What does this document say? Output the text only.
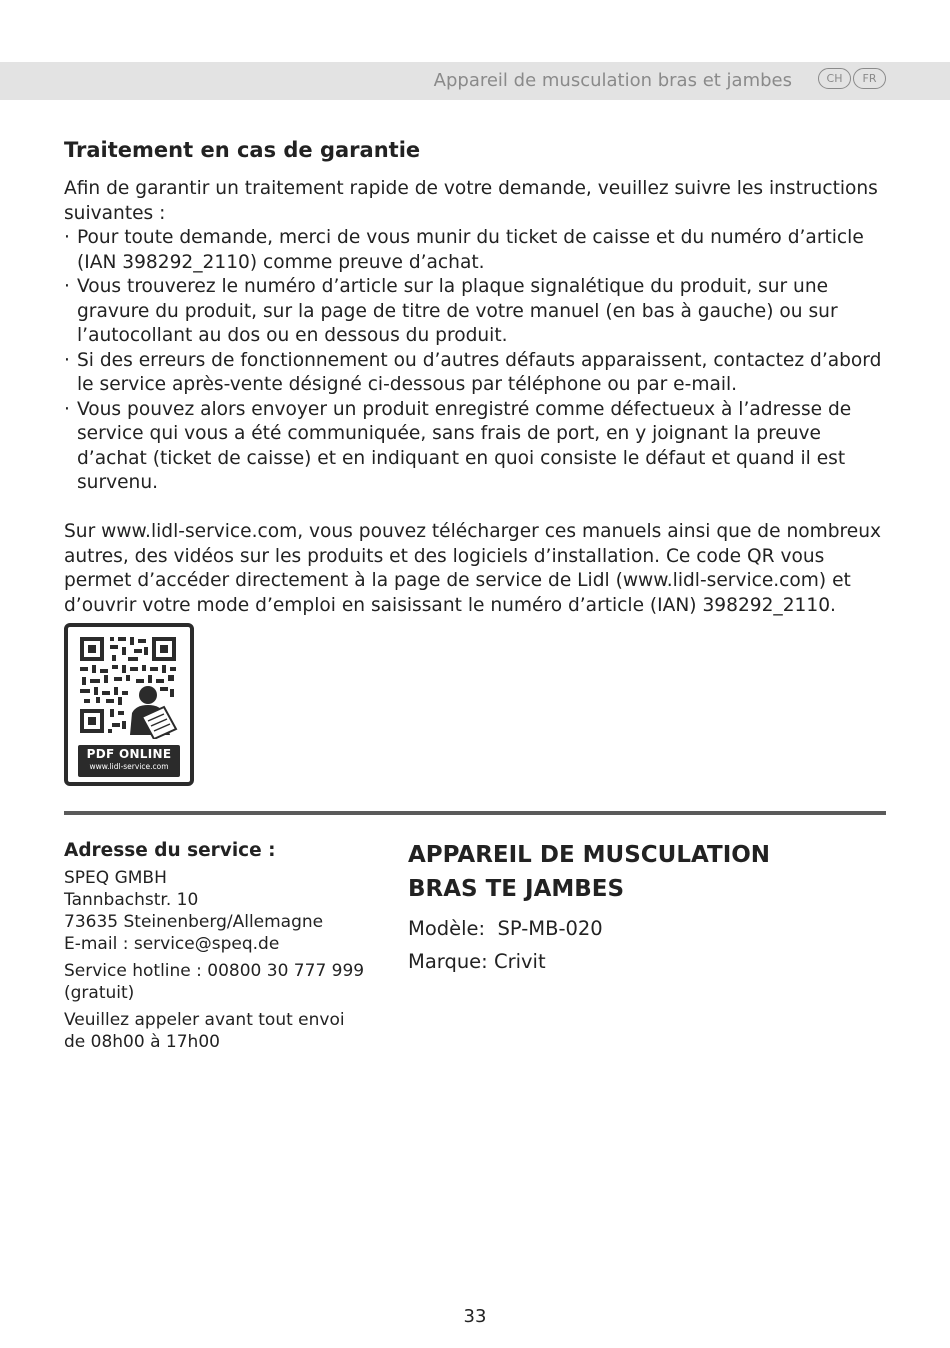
Appareil de musculation bras et jambes	CH	FR
Traitement en cas de garantie
Afin de garantir un traitement rapide de votre demande, veuillez suivre les instructions suivantes :
· Pour toute demande, merci de vous munir du ticket de caisse et du numéro d’article (IAN 398292_2110) comme preuve d’achat.
· Vous trouverez le numéro d’article sur la plaque signalétique du produit, sur une gravure du produit, sur la page de titre de votre manuel (en bas à gauche) ou sur l’autocollant au dos ou en dessous du produit.
· Si des erreurs de fonctionnement ou d’autres défauts apparaissent, contactez d’abord le service après-vente désigné ci-dessous par téléphone ou par e-mail.
· Vous pouvez alors envoyer un produit enregistré comme défectueux à l’adresse de service qui vous a été communiquée, sans frais de port, en y joignant la preuve d’achat (ticket de caisse) et en indiquant en quoi consiste le défaut et quand il est survenu.
Sur www.lidl-service.com, vous pouvez télécharger ces manuels ainsi que de nombreux autres, des vidéos sur les produits et des logiciels d’installation. Ce code QR vous permet d’accéder directement à la page de service de Lidl (www.lidl-service.com) et d’ouvrir votre mode d’emploi en saisissant le numéro d’article (IAN) 398292_2110.
PDF ONLINE
www.lidl-service.com
Adresse du service :
SPEQ GMBH
Tannbachstr. 10
73635 Steinenberg/Allemagne
E-mail : service@speq.de
Service hotline : 00800 30 777 999
(gratuit)
Veuillez appeler avant tout envoi
de 08h00 à 17h00
APPAREIL DE MUSCULATION
BRAS TE JAMBES
Modèle:  SP-MB-020
Marque: Crivit
33
